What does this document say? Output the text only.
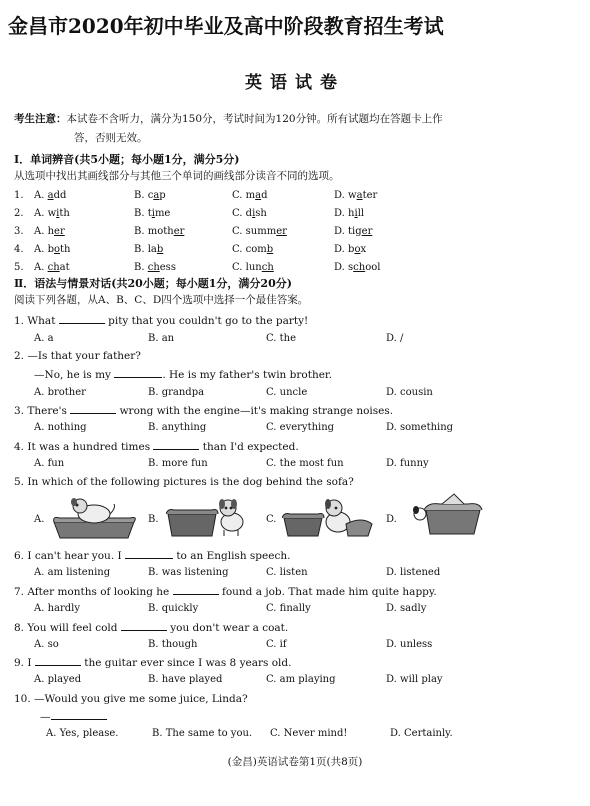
金昌市2020年初中毕业及高中阶段教育招生考试
英语试卷
考生注意：本试卷不含听力，满分为150分，考试时间为120分钟。所有试题均在答题卡上作
答，否则无效。
Ⅰ．单词辨音(共5小题；每小题1分，满分5分)
从选项中找出其画线部分与其他三个单词的画线部分读音不同的选项。
1. A. add	B. cap	C. mad	D. water
2. A. with	B. time	C. dish	D. hill
3. A. her	B. mother	C. summer	D. tiger
4. A. both	B. lab	C. comb	D. box
5. A. chat	B. chess	C. lunch	D. school
Ⅱ．语法与情景对话(共20小题；每小题1分，满分20分)
阅读下列各题，从A、B、C、D四个选项中选择一个最佳答案。
1. What	pity that you couldn't go to the party!
A. a	B. an	C. the	D. /
2. —Is that your father?
—No, he is my	. He is my father's twin brother.
A. brother	B. grandpa	C. uncle	D. cousin
3. There's	wrong with the engine—it's making strange noises.
A. nothing	B. anything	C. everything	D. something
4. It was a hundred times	than I'd expected.
A. fun	B. more fun	C. the most fun	D. funny
5. In which of the following pictures is the dog behind the sofa?
A.	B.	C.	D.
6. I can't hear you. I	to an English speech.
A. am listening	B. was listening	C. listen	D. listened
7. After months of looking he	found a job. That made him quite happy.
A. hardly	B. quickly	C. finally	D. sadly
8. You will feel cold	you don't wear a coat.
A. so	B. though	C. if	D. unless
9. I	the guitar ever since I was 8 years old.
A. played	B. have played	C. am playing	D. will play
10. —Would you give me some juice, Linda?
—
A. Yes, please.	B. The same to you. C. Never mind!	D. Certainly.
(金昌)英语试卷第1页(共8页)
